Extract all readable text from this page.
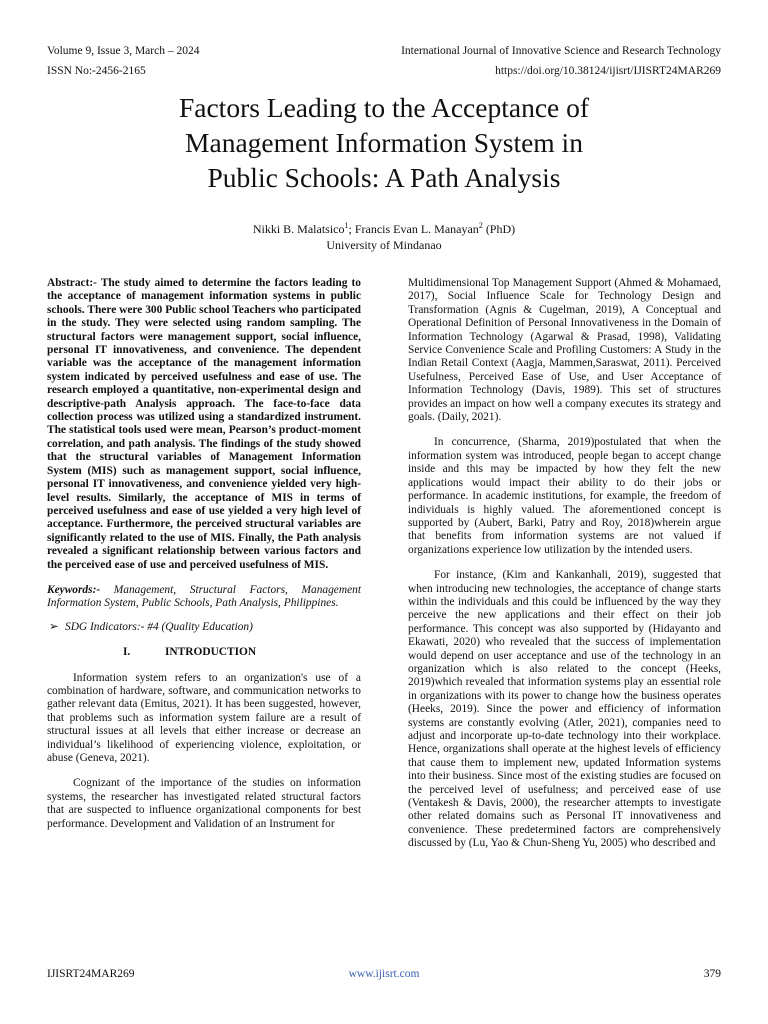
Volume 9, Issue 3, March – 2024	International Journal of Innovative Science and Research Technology
ISSN No:-2456-2165	https://doi.org/10.38124/ijisrt/IJISRT24MAR269
Factors Leading to the Acceptance of
Management Information System in
Public Schools: A Path Analysis
Nikki B. Malatsico$^1$; Francis Evan L. Manayan$^2$ (PhD)
University of Mindanao

Abstract:- The study aimed to determine the factors leading to the acceptance of management information systems in public schools. There were 300 Public school Teachers who participated in the study. They were selected using random sampling. The structural factors were management support, social influence, personal IT innovativeness, and convenience. The dependent variable was the acceptance of the management information system indicated by perceived usefulness and ease of use. The research employed a quantitative, non-experimental design and descriptive-path Analysis approach. The face-to-face data collection process was utilized using a standardized instrument. The statistical tools used were mean, Pearson’s product-moment correlation, and path analysis. The findings of the study showed that the structural variables of Management Information System (MIS) such as management support, social influence, personal IT innovativeness, and convenience yielded very high-level results. Similarly, the acceptance of MIS in terms of perceived usefulness and ease of use yielded a very high level of acceptance. Furthermore, the perceived structural variables are significantly related to the use of MIS. Finally, the Path analysis revealed a significant relationship between various factors and the perceived ease of use and perceived usefulness of MIS.

Keywords:- Management, Structural Factors, Management Information System, Public Schools, Path Analysis, Philippines.

➢ SDG Indicators:- #4 (Quality Education)

I.	INTRODUCTION

Information system refers to an organization's use of a combination of hardware, software, and communication networks to gather relevant data (Emitus, 2021). It has been suggested, however, that problems such as information system failure are a result of structural issues at all levels that either increase or decrease an individual’s likelihood of experiencing violence, exploitation, or abuse (Geneva, 2021).

Cognizant of the importance of the studies on information systems, the researcher has investigated related structural factors that are suspected to influence organizational components for best performance. Development and Validation of an Instrument for

Multidimensional Top Management Support (Ahmed & Mohamaed, 2017), Social Influence Scale for Technology Design and Transformation (Agnis & Cugelman, 2019), A Conceptual and Operational Definition of Personal Innovativeness in the Domain of Information Technology (Agarwal & Prasad, 1998), Validating Service Convenience Scale and Profiling Customers: A Study in the Indian Retail Context (Aagja, Mammen,Saraswat, 2011). Perceived Usefulness, Perceived Ease of Use, and User Acceptance of Information Technology (Davis, 1989). This set of structures provides an impact on how well a company executes its strategy and goals. (Daily, 2021).

In concurrence, (Sharma, 2019)postulated that when the information system was introduced, people began to accept change inside and this may be impacted by how they felt the new applications would impact their ability to do their jobs or performance. In academic institutions, for example, the freedom of individuals is highly valued. The aforementioned concept is supported by (Aubert, Barki, Patry and Roy, 2018)wherein argue that benefits from information systems are not valued if organizations experience low utilization by the intended users.

For instance, (Kim and Kankanhali, 2019), suggested that when introducing new technologies, the acceptance of change starts within the individuals and this could be influenced by the way they perceive the new applications and their effect on their job performance. This concept was also supported by (Hidayanto and Ekawati, 2020) who revealed that the success of implementation would depend on user acceptance and use of the technology in an organization which is also related to the concept (Heeks, 2019)which revealed that information systems play an essential role in organizations with its power to change how the business operates (Heeks, 2019). Since the power and efficiency of information systems are constantly evolving (Atler, 2021), companies need to adjust and incorporate up-to-date technology into their workplace. Hence, organizations shall operate at the highest levels of efficiency that cause them to implement new, updated Information systems into their business. Since most of the existing studies are focused on the perceived level of usefulness; and perceived ease of use (Ventakesh & Davis, 2000), the researcher attempts to investigate other related domains such as Personal IT innovativeness and convenience. These predetermined factors are comprehensively discussed by (Lu, Yao & Chun-Sheng Yu, 2005) who described and

IJISRT24MAR269	www.ijisrt.com	379
